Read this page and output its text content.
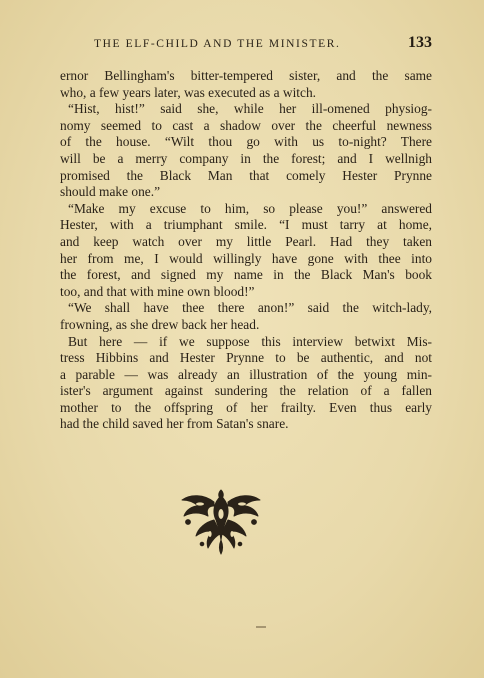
THE ELF-CHILD AND THE MINISTER.	133
ernor Bellingham's bitter-tempered sister, and the same
who, a few years later, was executed as a witch.
“Hist, hist!” said she, while her ill-omened physiog-
nomy seemed to cast a shadow over the cheerful newness
of the house. “Wilt thou go with us to-night? There
will be a merry company in the forest; and I wellnigh
promised the Black Man that comely Hester Prynne
should make one.”
“Make my excuse to him, so please you!” answered
Hester, with a triumphant smile. “I must tarry at home,
and keep watch over my little Pearl. Had they taken
her from me, I would willingly have gone with thee into
the forest, and signed my name in the Black Man's book
too, and that with mine own blood!”
“We shall have thee there anon!” said the witch-lady,
frowning, as she drew back her head.
But here — if we suppose this interview betwixt Mis-
tress Hibbins and Hester Prynne to be authentic, and not
a parable — was already an illustration of the young min-
ister's argument against sundering the relation of a fallen
mother to the offspring of her frailty. Even thus early
had the child saved her from Satan's snare.
